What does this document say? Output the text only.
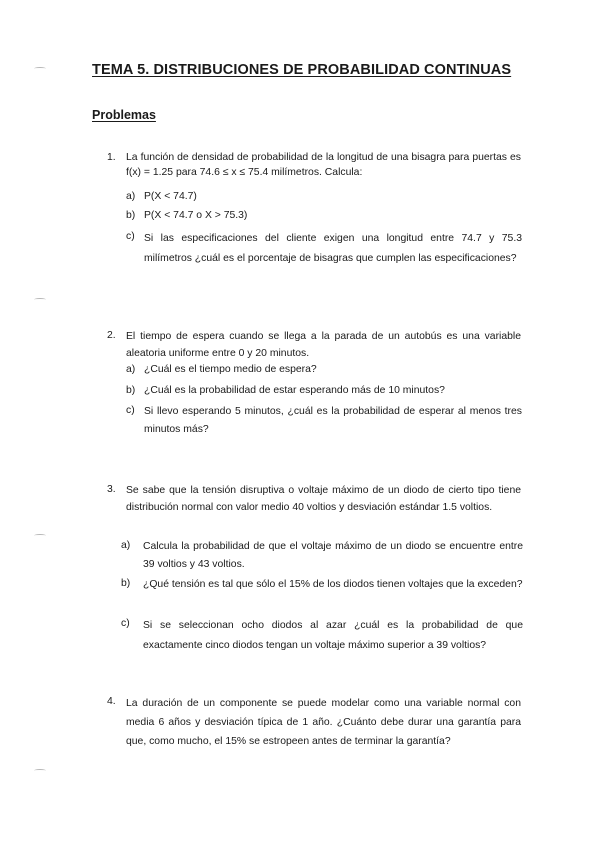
TEMA 5. DISTRIBUCIONES DE PROBABILIDAD CONTINUAS
Problemas
1. La función de densidad de probabilidad de la longitud de una bisagra para puertas es f(x) = 1.25 para 74.6 ≤ x ≤ 75.4 milímetros. Calcula:
a) P(X < 74.7)
b) P(X < 74.7 o X > 75.3)
c) Si las especificaciones del cliente exigen una longitud entre 74.7 y 75.3 milímetros ¿cuál es el porcentaje de bisagras que cumplen las especificaciones?
2. El tiempo de espera cuando se llega a la parada de un autobús es una variable aleatoria uniforme entre 0 y 20 minutos.
a) ¿Cuál es el tiempo medio de espera?
b) ¿Cuál es la probabilidad de estar esperando más de 10 minutos?
c) Si llevo esperando 5 minutos, ¿cuál es la probabilidad de esperar al menos tres minutos más?
3. Se sabe que la tensión disruptiva o voltaje máximo de un diodo de cierto tipo tiene distribución normal con valor medio 40 voltios y desviación estándar 1.5 voltios.
a) Calcula la probabilidad de que el voltaje máximo de un diodo se encuentre entre 39 voltios y 43 voltios.
b) ¿Qué tensión es tal que sólo el 15% de los diodos tienen voltajes que la exceden?
c) Si se seleccionan ocho diodos al azar ¿cuál es la probabilidad de que exactamente cinco diodos tengan un voltaje máximo superior a 39 voltios?
4. La duración de un componente se puede modelar como una variable normal con media 6 años y desviación típica de 1 año. ¿Cuánto debe durar una garantía para que, como mucho, el 15% se estropeen antes de terminar la garantía?
